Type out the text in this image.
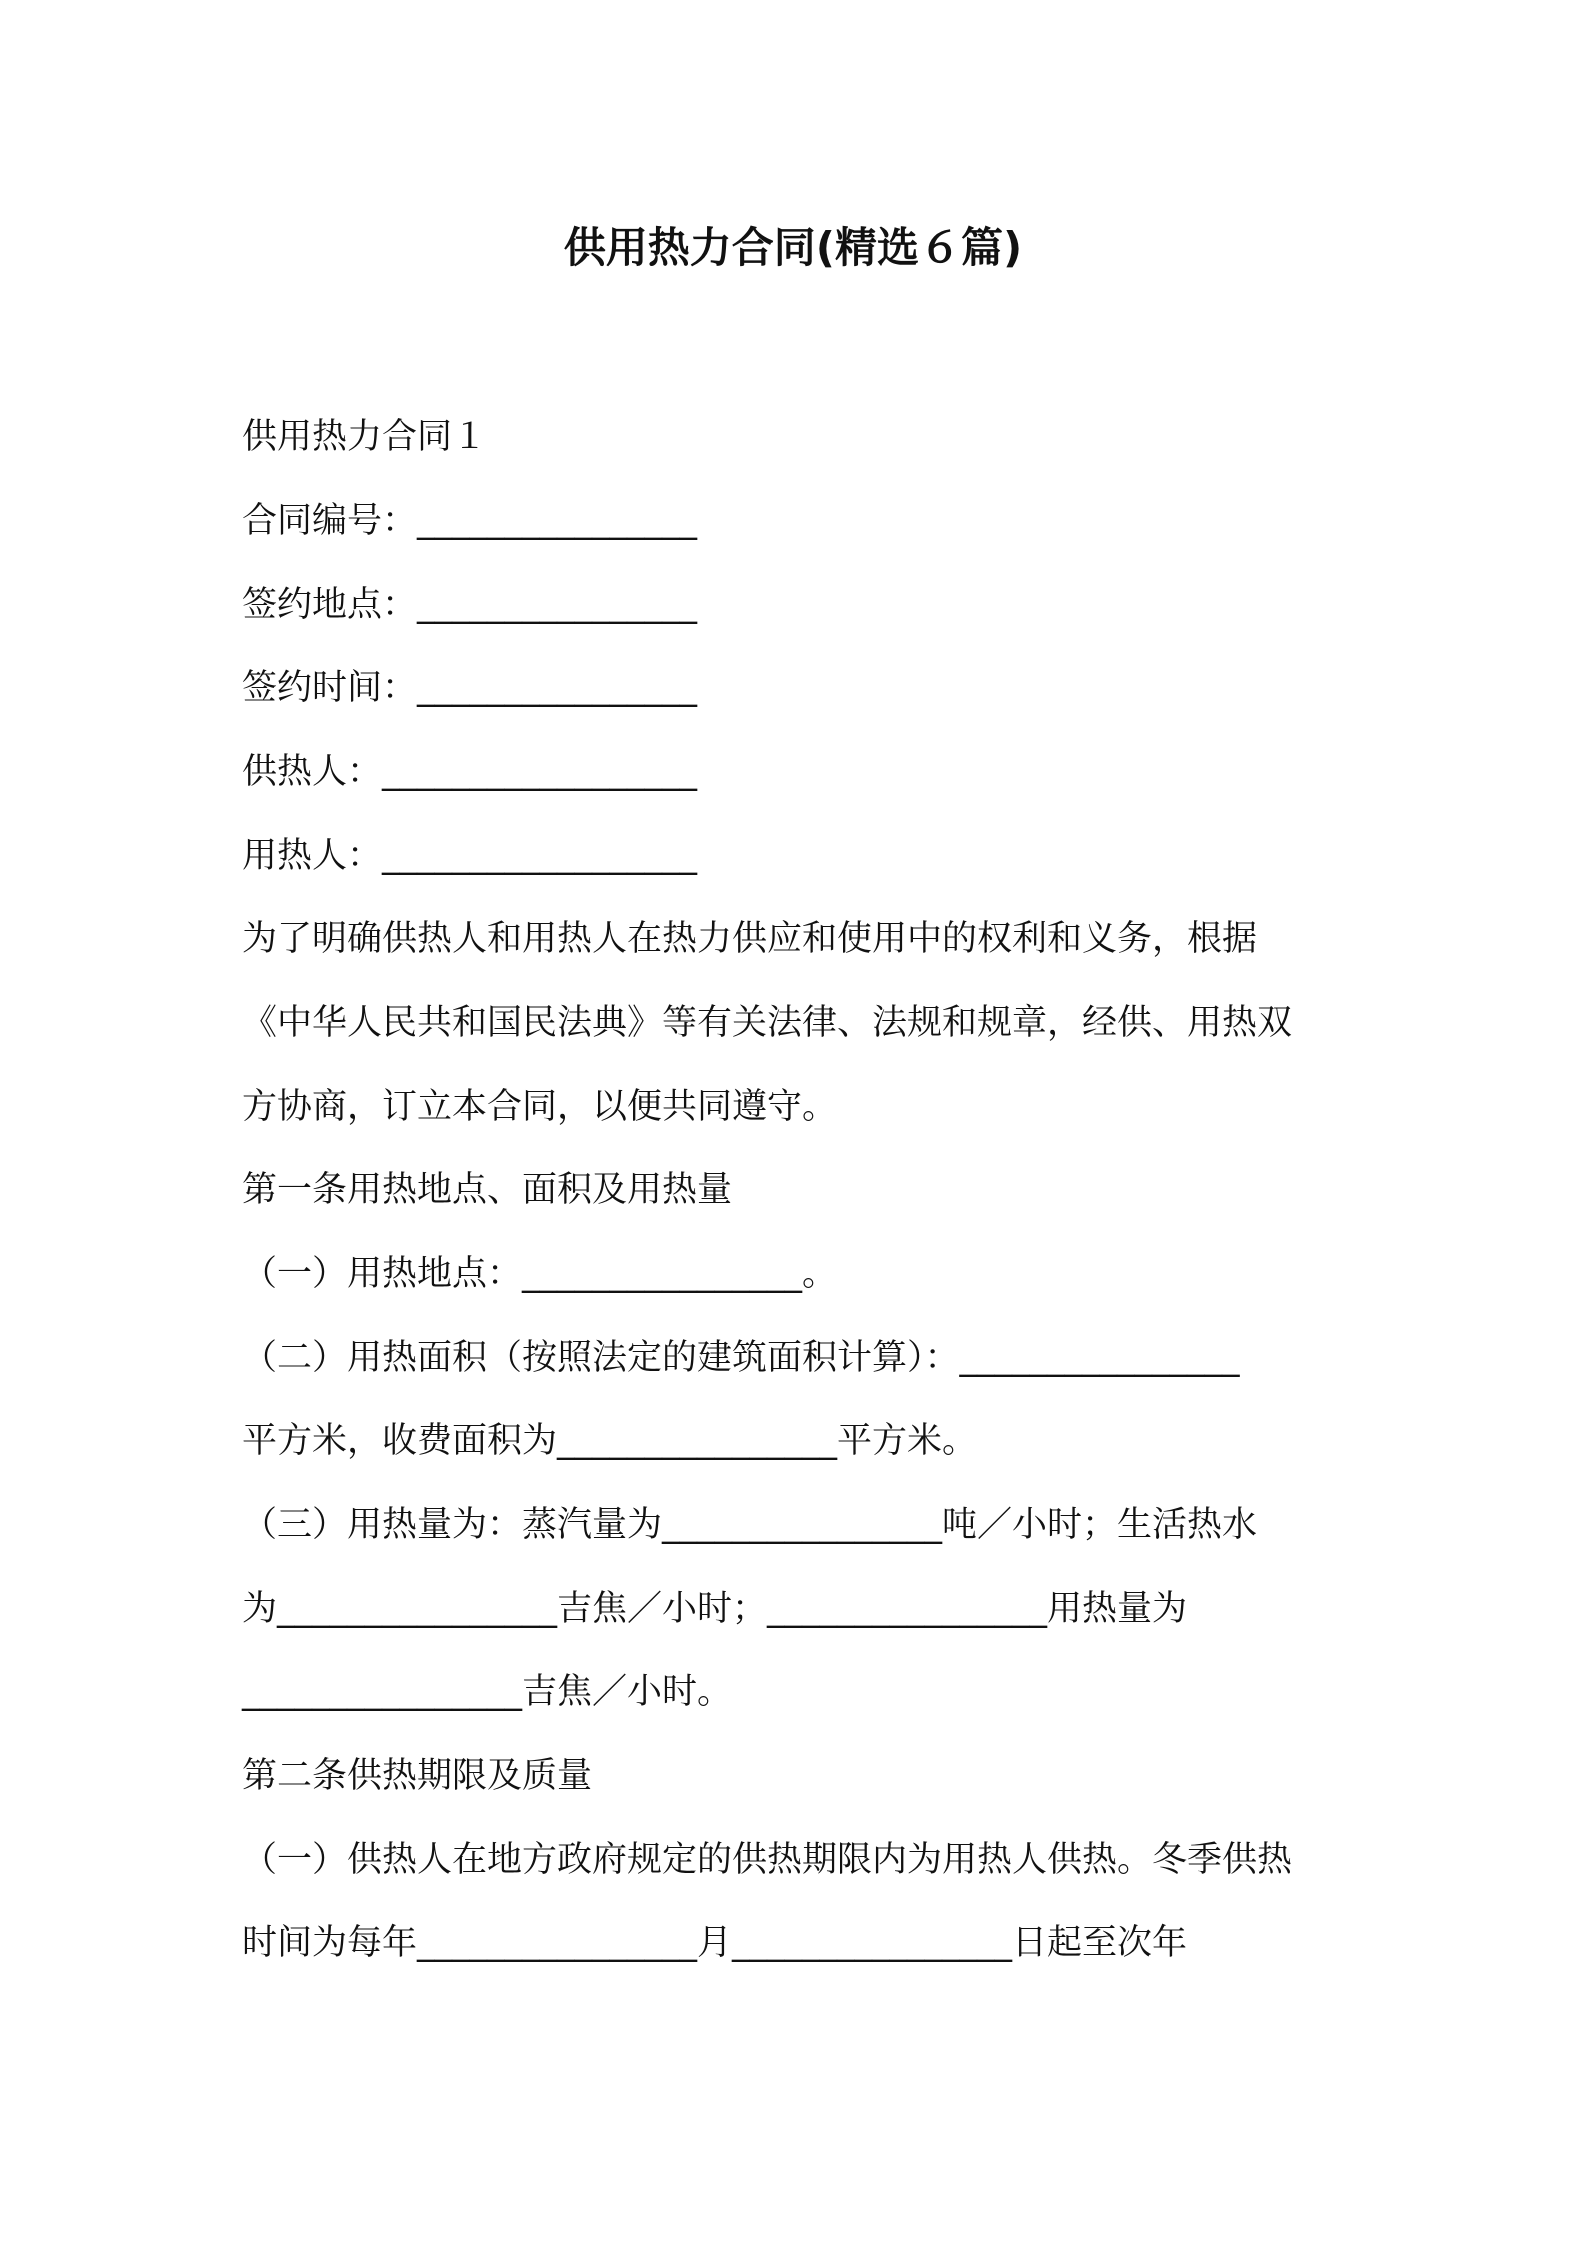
供用热力合同(精选６篇)
供用热力合同１
合同编号：________________
签约地点：________________
签约时间：________________
供热人：__________________
用热人：__________________
为了明确供热人和用热人在热力供应和使用中的权利和义务，根据
《中华人民共和国民法典》等有关法律、法规和规章，经供、用热双
方协商，订立本合同，以便共同遵守。
第一条用热地点、面积及用热量
（一）用热地点：________________。
（二）用热面积（按照法定的建筑面积计算）：________________
平方米，收费面积为________________平方米。
（三）用热量为：蒸汽量为________________吨／小时；生活热水
为________________吉焦／小时；________________用热量为
________________吉焦／小时。
第二条供热期限及质量
（一）供热人在地方政府规定的供热期限内为用热人供热。冬季供热
时间为每年________________月________________日起至次年
